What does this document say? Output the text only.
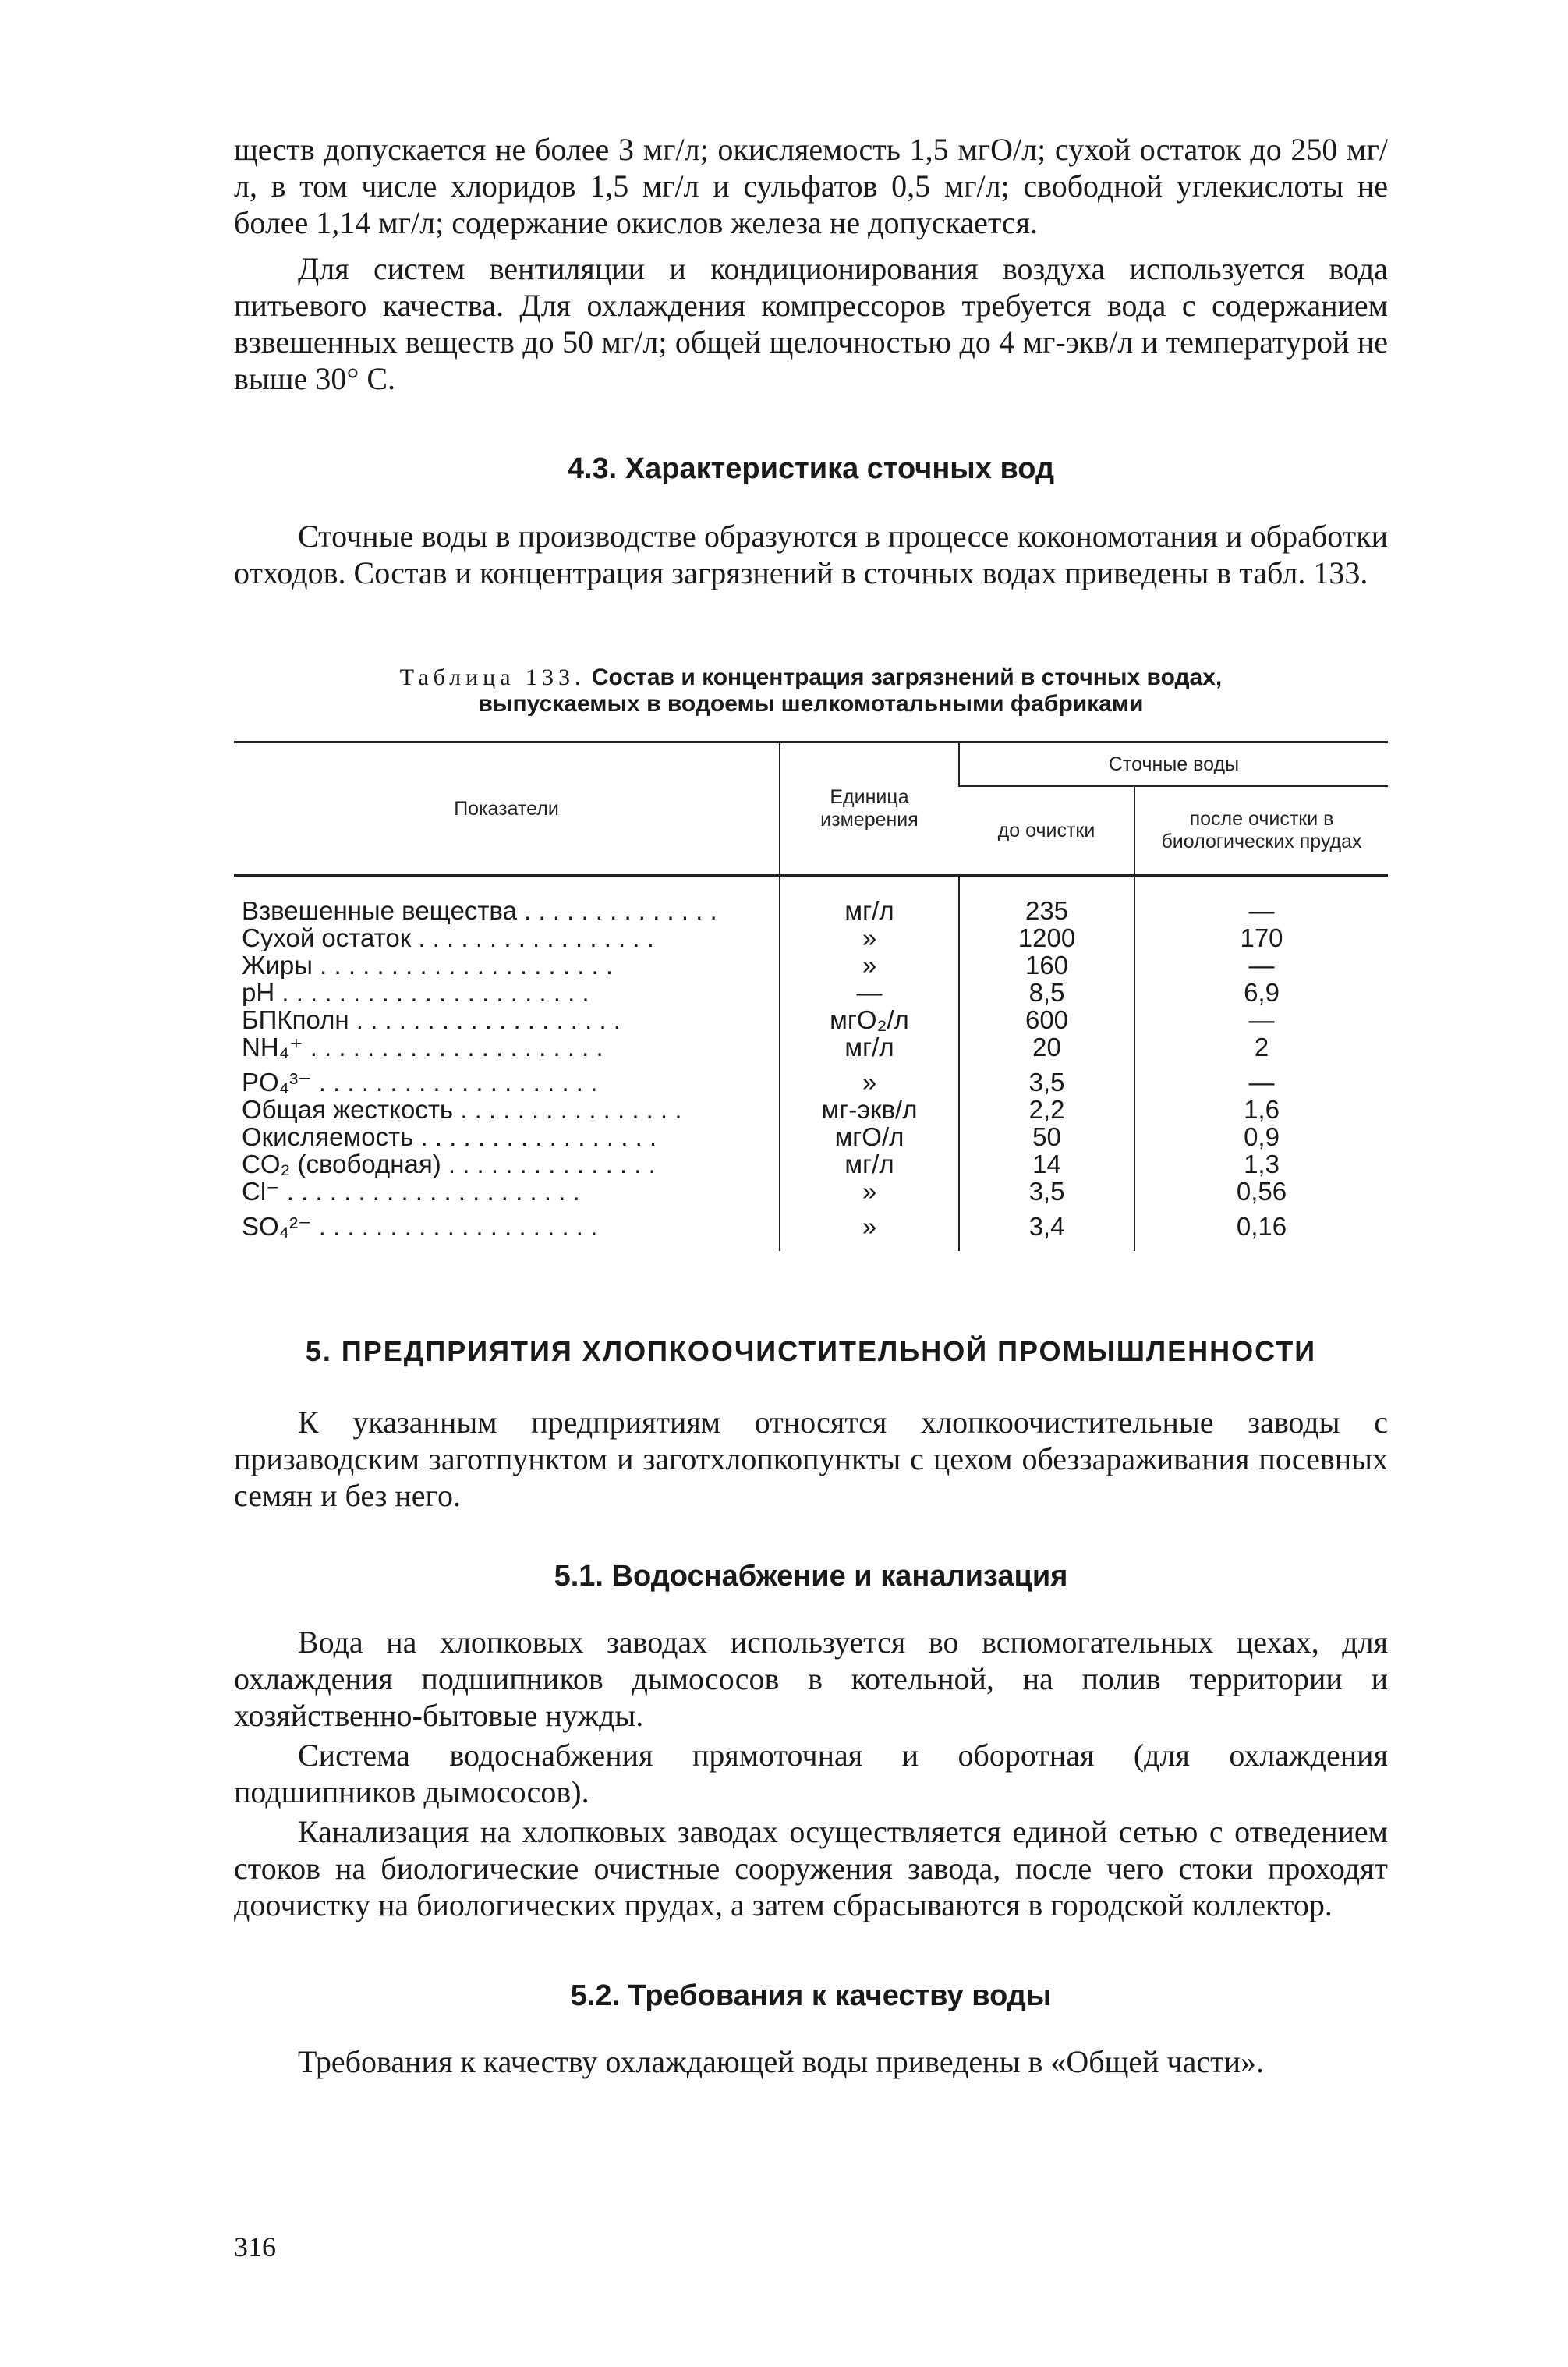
ществ допускается не более 3 мг/л; окисляемость 1,5 мгО/л; сухой остаток до 250 мг/л, в том числе хлоридов 1,5 мг/л и сульфатов 0,5 мг/л; свободной углекислоты не более 1,14 мг/л; содержание окислов железа не допускается.

Для систем вентиляции и кондиционирования воздуха используется вода питьевого качества. Для охлаждения компрессоров требуется вода с содержанием взвешенных веществ до 50 мг/л; общей щелочностью до 4 мг-экв/л и температурой не выше 30° С.

4.3. Характеристика сточных вод

Сточные воды в производстве образуются в процессе кокономотания и обработки отходов. Состав и концентрация загрязнений в сточных водах приведены в табл. 133.

Таблица 133. Состав и концентрация загрязнений в сточных водах,

выпускаемых в водоемы шелкомотальными фабриками

Показатели	Единица измерения	Сточные воды	
		до очистки	после очистки в биологических прудах

Взвешенные вещества . . . . . . . . . . . . . .	мг/л	235	—
Сухой остаток . . . . . . . . . . . . . . . . .	»	1200	170
Жиры . . . . . . . . . . . . . . . . . . . . .	»	160	—
pH . . . . . . . . . . . . . . . . . . . . . .	—	8,5	6,9
БПКполн . . . . . . . . . . . . . . . . . . .	мгО₂/л	600	—
NH₄⁺ . . . . . . . . . . . . . . . . . . . . .	мг/л	20	2
PO₄³⁻ . . . . . . . . . . . . . . . . . . . .	»	3,5	—
Общая жесткость . . . . . . . . . . . . . . . .	мг-экв/л	2,2	1,6
Окисляемость . . . . . . . . . . . . . . . . .	мгО/л	50	0,9
CO₂ (свободная) . . . . . . . . . . . . . . .	мг/л	14	1,3
Cl⁻ . . . . . . . . . . . . . . . . . . . . .	»	3,5	0,56
SO₄²⁻ . . . . . . . . . . . . . . . . . . . .	»	3,4	0,16

5. ПРЕДПРИЯТИЯ ХЛОПКООЧИСТИТЕЛЬНОЙ ПРОМЫШЛЕННОСТИ

К указанным предприятиям относятся хлопкоочистительные заводы с призаводским заготпунктом и заготхлопкопункты с цехом обеззараживания посевных семян и без него.

5.1. Водоснабжение и канализация

Вода на хлопковых заводах используется во вспомогательных цехах, для охлаждения подшипников дымососов в котельной, на полив территории и хозяйственно-бытовые нужды.

Система водоснабжения прямоточная и оборотная (для охлаждения подшипников дымососов).

Канализация на хлопковых заводах осуществляется единой сетью с отведением стоков на биологические очистные сооружения завода, после чего стоки проходят доочистку на биологических прудах, а затем сбрасываются в городской коллектор.

5.2. Требования к качеству воды

Требования к качеству охлаждающей воды приведены в «Общей части».

316
